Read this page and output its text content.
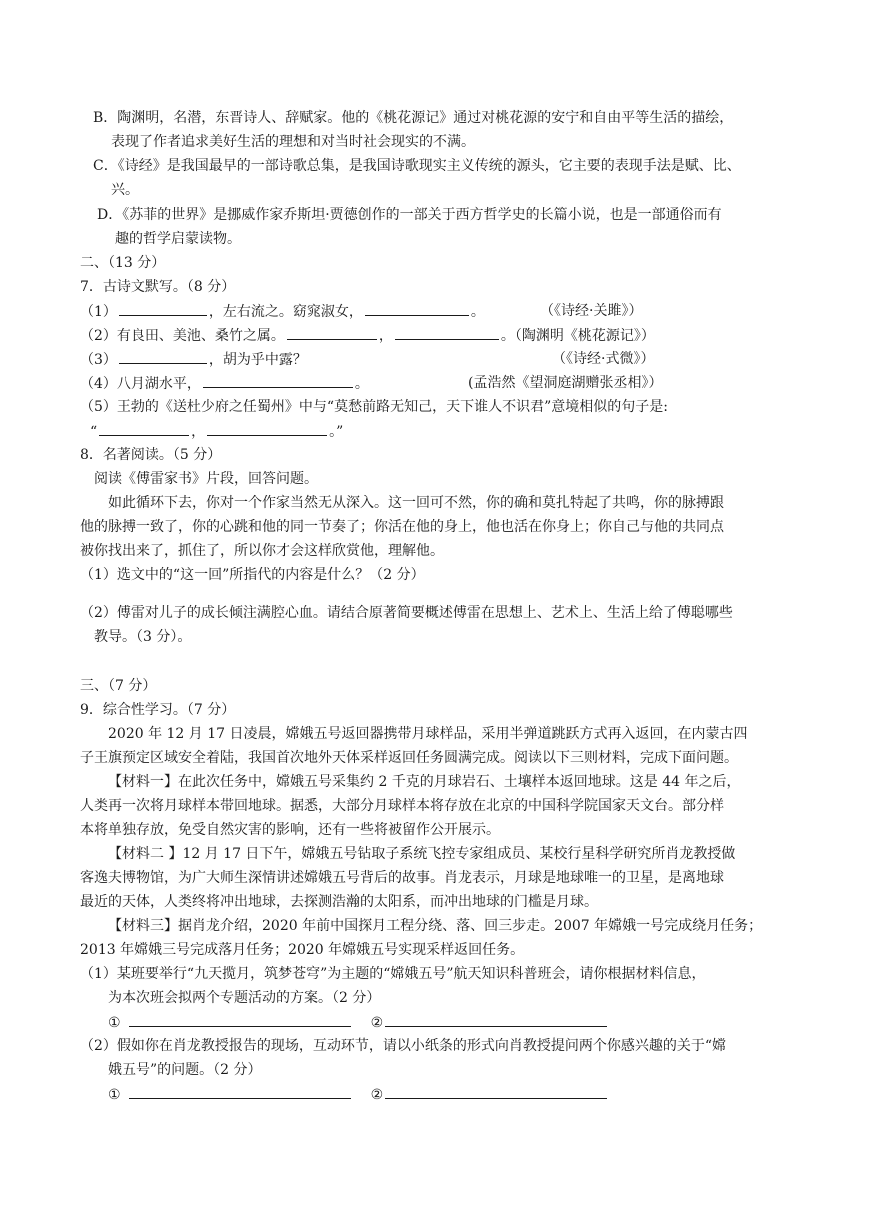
B．陶渊明，名潜，东晋诗人、辞赋家。他的《桃花源记》通过对桃花源的安宁和自由平等生活的描绘，
表现了作者追求美好生活的理想和对当时社会现实的不满。
C．《诗经》是我国最早的一部诗歌总集，是我国诗歌现实主义传统的源头，它主要的表现手法是赋、比、
兴。
D．《苏菲的世界》是挪威作家乔斯坦·贾德创作的一部关于西方哲学史的长篇小说，也是一部通俗而有
趣的哲学启蒙读物。
二、（13 分）
7．古诗文默写。（8 分）
（1）	，左右流之。窈窕淑女，	。	（《诗经·关雎》）
（2）有良田、美池、桑竹之属。	，	。（陶渊明《桃花源记》）
（3）	，胡为乎中露？	（《诗经·式微》）
（4）八月湖水平，	。	(孟浩然《望洞庭湖赠张丞相》）
（5）王勃的《送杜少府之任蜀州》中与“莫愁前路无知己，天下谁人不识君”意境相似的句子是:
“	，	。”
8．名著阅读。（5 分）
阅读《傅雷家书》片段，回答问题。
如此循环下去，你对一个作家当然无从深入。这一回可不然，你的确和莫扎特起了共鸣，你的脉搏跟
他的脉搏一致了，你的心跳和他的同一节奏了；你活在他的身上，他也活在你身上；你自己与他的共同点
被你找出来了，抓住了，所以你才会这样欣赏他，理解他。
（1）选文中的“这一回”所指代的内容是什么？（2 分）
（2）傅雷对儿子的成长倾注满腔心血。请结合原著简要概述傅雷在思想上、艺术上、生活上给了傅聪哪些
教导。（3 分）。
三、（7 分）
9．综合性学习。（7 分）
2020 年 12 月 17 日凌晨，嫦娥五号返回器携带月球样品，采用半弹道跳跃方式再入返回，在内蒙古四
子王旗预定区域安全着陆，我国首次地外天体采样返回任务圆满完成。阅读以下三则材料，完成下面问题。
【材料一】在此次任务中，嫦娥五号采集约 2 千克的月球岩石、土壤样本返回地球。这是 44 年之后，
人类再一次将月球样本带回地球。据悉，大部分月球样本将存放在北京的中国科学院国家天文台。部分样
本将单独存放，免受自然灾害的影响，还有一些将被留作公开展示。
【材料二 】12 月 17 日下午，嫦娥五号钻取子系统飞控专家组成员、某校行星科学研究所肖龙教授做
客逸夫博物馆，为广大师生深情讲述嫦娥五号背后的故事。肖龙表示，月球是地球唯一的卫星，是离地球
最近的天体，人类终将冲出地球，去探测浩瀚的太阳系，而冲出地球的门槛是月球。
【材料三】据肖龙介绍，2020 年前中国探月工程分绕、落、回三步走。2007 年嫦娥一号完成绕月任务；
2013 年嫦娥三号完成落月任务；2020 年嫦娥五号实现采样返回任务。
（1）某班要举行“九天揽月，筑梦苍穹”为主题的“嫦娥五号”航天知识科普班会，请你根据材料信息，
为本次班会拟两个专题活动的方案。（2 分）
①	②
（2）假如你在肖龙教授报告的现场，互动环节，请以小纸条的形式向肖教授提问两个你感兴趣的关于“嫦
娥五号”的问题。（2 分）
①	②
